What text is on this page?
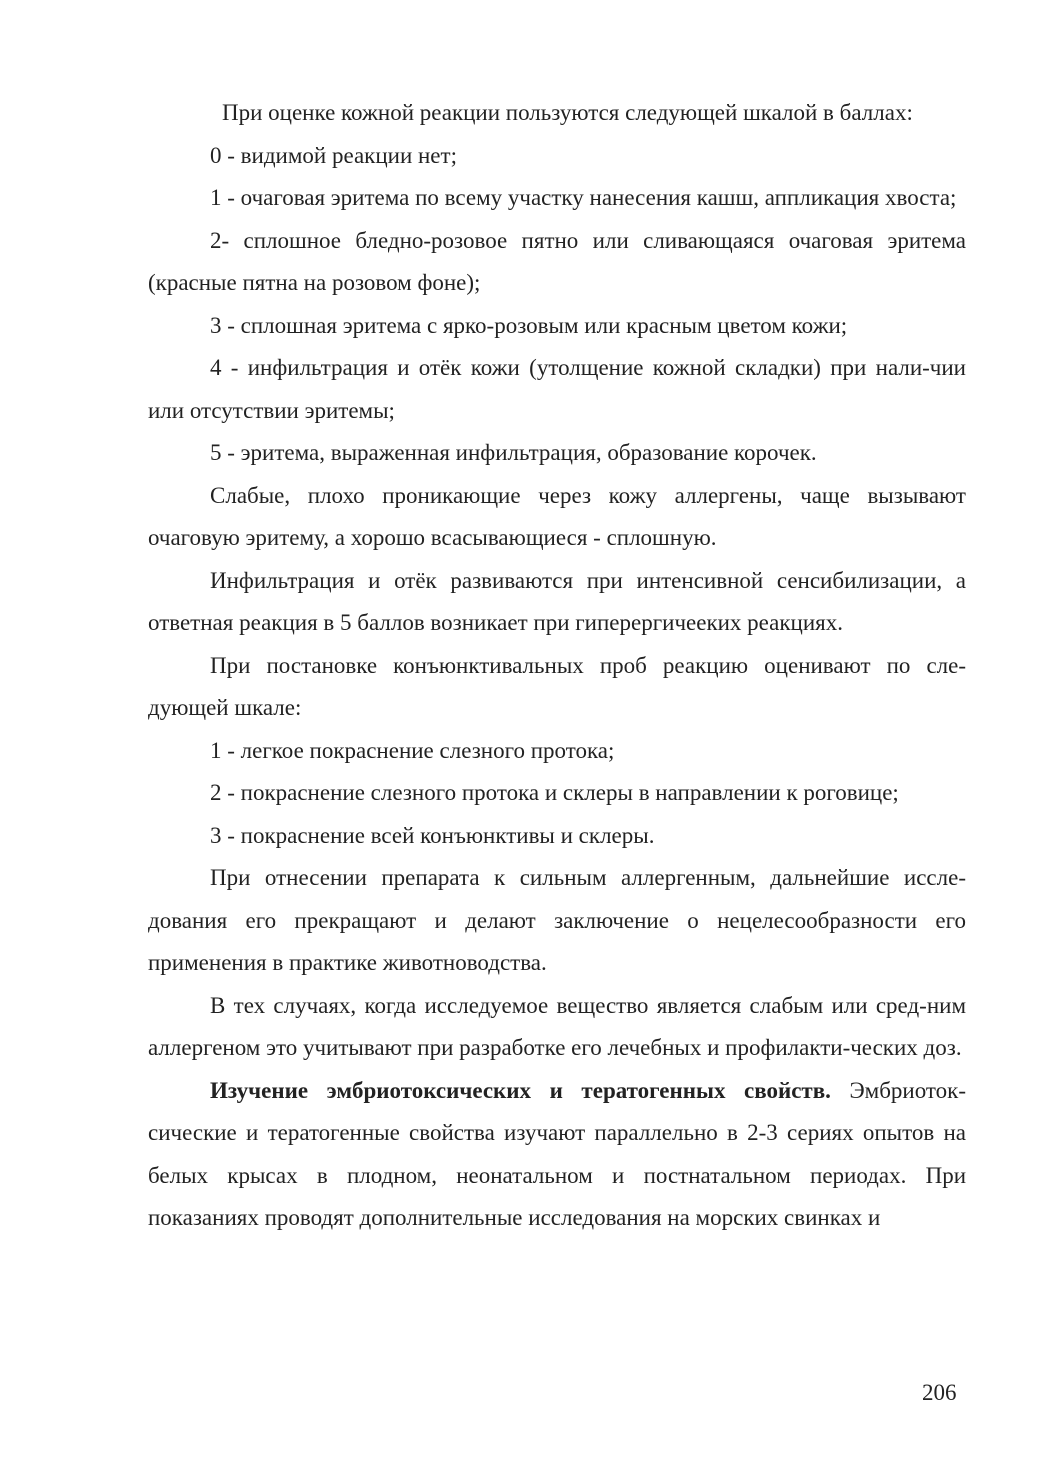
При оценке кожной реакции пользуются следующей шкалой в баллах:

0 - видимой реакции нет;

1 - очаговая эритема по всему участку нанесения кашш, аппликация хвоста;

2- сплошное бледно-розовое пятно или сливающаяся очаговая эритема (красные пятна на розовом фоне);

3 - сплошная эритема с ярко-розовым или красным цветом кожи;

4 - инфильтрация и отёк кожи (утолщение кожной складки) при нали-чии или отсутствии эритемы;

5 - эритема, выраженная инфильтрация, образование корочек.

Слабые, плохо проникающие через кожу аллергены, чаще вызывают очаговую эритему, а хорошо всасывающиеся - сплошную.

Инфильтрация и отёк развиваются при интенсивной сенсибилизации, а ответная реакция в 5 баллов возникает при гиперергичееких реакциях.

При постановке конъюнктивальных проб реакцию оценивают по сле-дующей шкале:

1 - легкое покраснение слезного протока;

2 - покраснение слезного протока и склеры в направлении к роговице;

3 - покраснение всей конъюнктивы и склеры.

При отнесении препарата к сильным аллергенным, дальнейшие иссле-дования его прекращают и делают заключение о нецелесообразности его применения в практике животноводства.

В тех случаях, когда исследуемое вещество является слабым или сред-ним аллергеном это учитывают при разработке его лечебных и профилакти-ческих доз.

Изучение эмбриотоксических и тератогенных свойств. Эмбриоток-сические и тератогенные свойства изучают параллельно в 2-3 сериях опытов на белых крысах в плодном, неонатальном и постнатальном периодах. При показаниях проводят дополнительные исследования на морских свинках и

206
